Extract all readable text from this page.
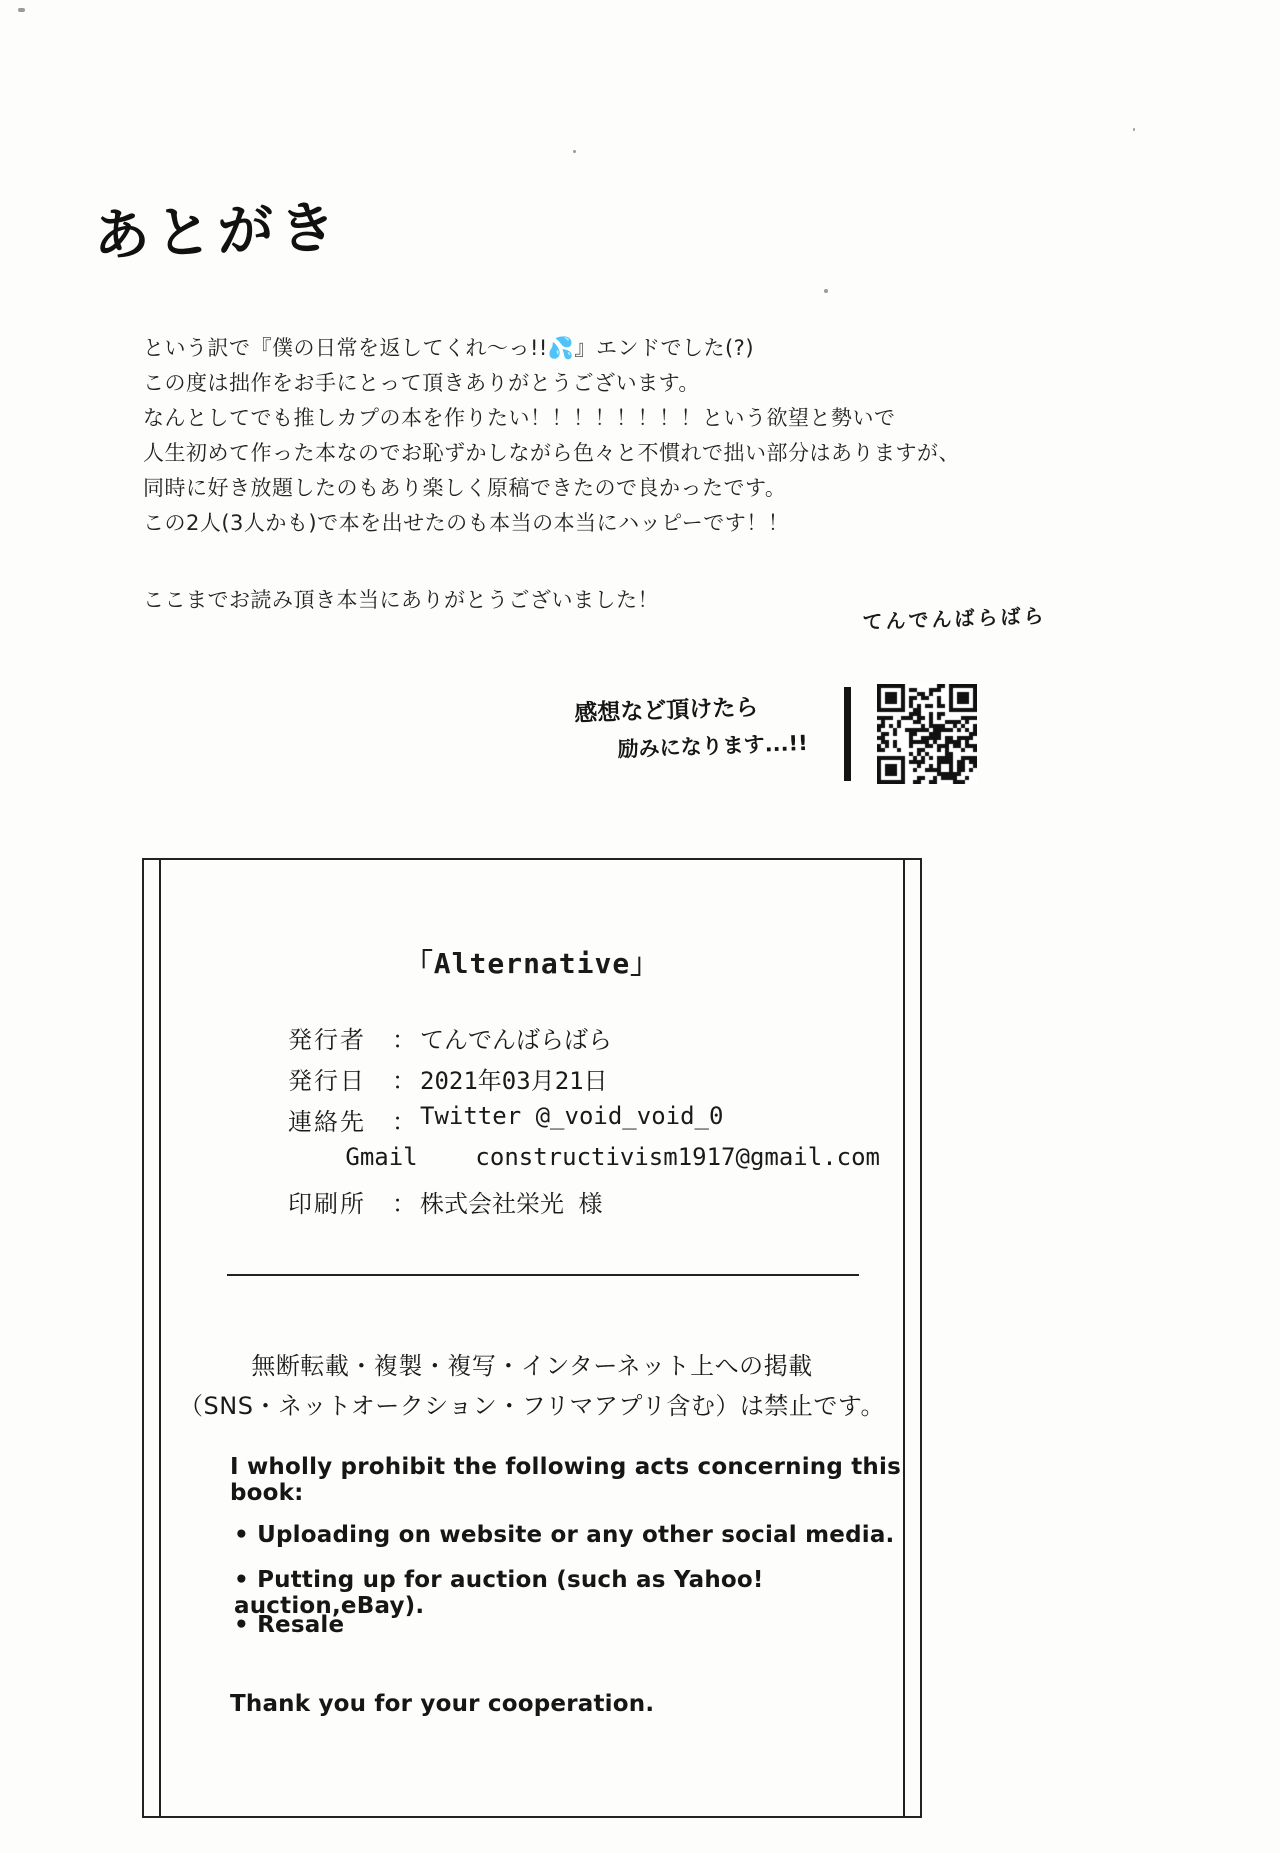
あとがき
という訳で『僕の日常を返してくれ〜っ!!💦』エンドでした(?)
この度は拙作をお手にとって頂きありがとうございます。
なんとしてでも推しカプの本を作りたい！！！！！！！！という欲望と勢いで
人生初めて作った本なのでお恥ずかしながら色々と不慣れで拙い部分はありますが、
同時に好き放題したのもあり楽しく原稿できたので良かったです。
この2人(3人かも)で本を出せたのも本当の本当にハッピーです！！
ここまでお読み頂き本当にありがとうございました！
てんでんばらばら
感想など頂けたら
励みになります...!!
「Alternative」
発行者	： てんでんばらばら
発行日	： 2021年03月21日
連絡先	： Twitter @_void_void_0
Gmail    constructivism1917@gmail.com
印刷所	： 株式会社栄光 様
無断転載・複製・複写・インターネット上への掲載
（SNS・ネットオークション・フリマアプリ含む）は禁止です。
I wholly prohibit the following acts concerning this book:
• Uploading on website or any other social media.
• Putting up for auction (such as Yahoo! auction,eBay).
• Resale
Thank you for your cooperation.
